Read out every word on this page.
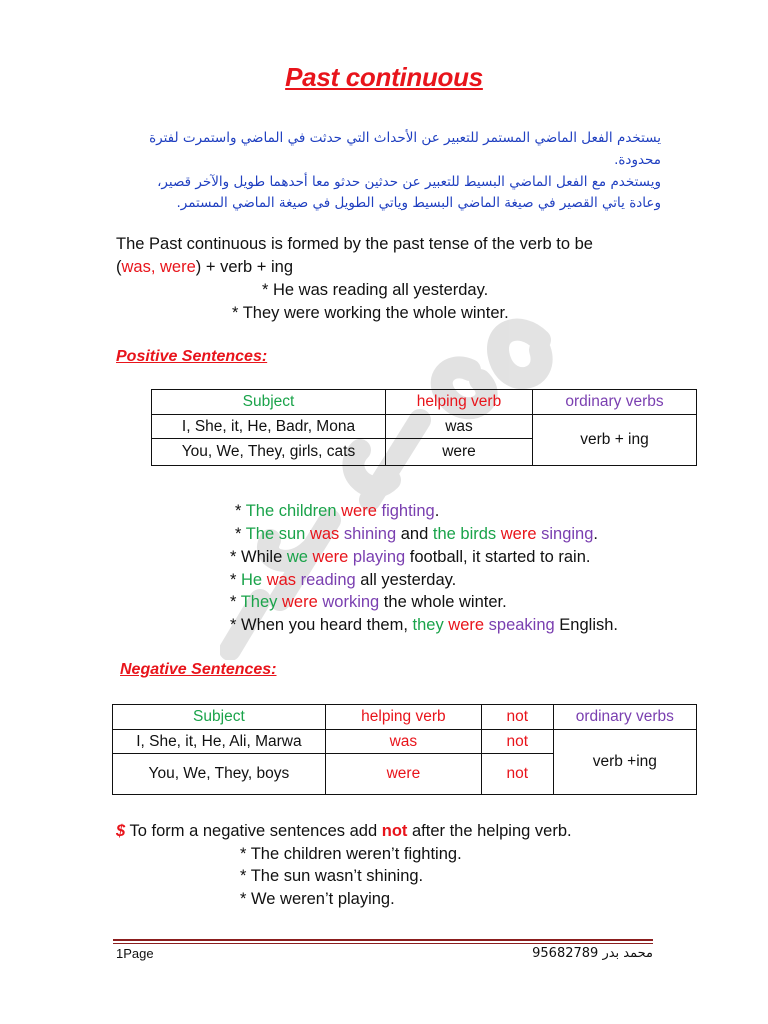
Past continuous
يستخدم الفعل الماضي المستمر للتعبير عن الأحداث التي حدثت في الماضي واستمرت لفترة
محدودة.
ويستخدم مع الفعل الماضي البسيط للتعبير عن حدثين حدثو معا أحدهما طويل والآخر قصير،
وعادة ياتي القصير في صيغة الماضي البسيط وياتي الطويل في صيغة الماضي المستمر.
The Past continuous is formed by the past tense of the verb to be
(was, were) + verb + ing
* He was reading all yesterday.
* They were working the whole winter.
Positive Sentences:
Subject	helping verb	ordinary verbs
I, She, it, He, Badr, Mona	was	verb + ing
You, We, They, girls, cats	were	
* The children were fighting.
* The sun was shining and the birds were singing.
* While we were playing football, it started to rain.
* He was reading all yesterday.
* They were working the whole winter.
* When you heard them, they were speaking English.
Negative Sentences:
Subject	helping verb	not	ordinary verbs
I, She, it, He, Ali, Marwa	was	not	verb +ing
You, We, They, boys	were	not	
$ To form a negative sentences add not after the helping verb.
* The children weren’t fighting.
* The sun wasn’t shining.
* We weren’t playing.
1Page	محمد بدر 95682789
